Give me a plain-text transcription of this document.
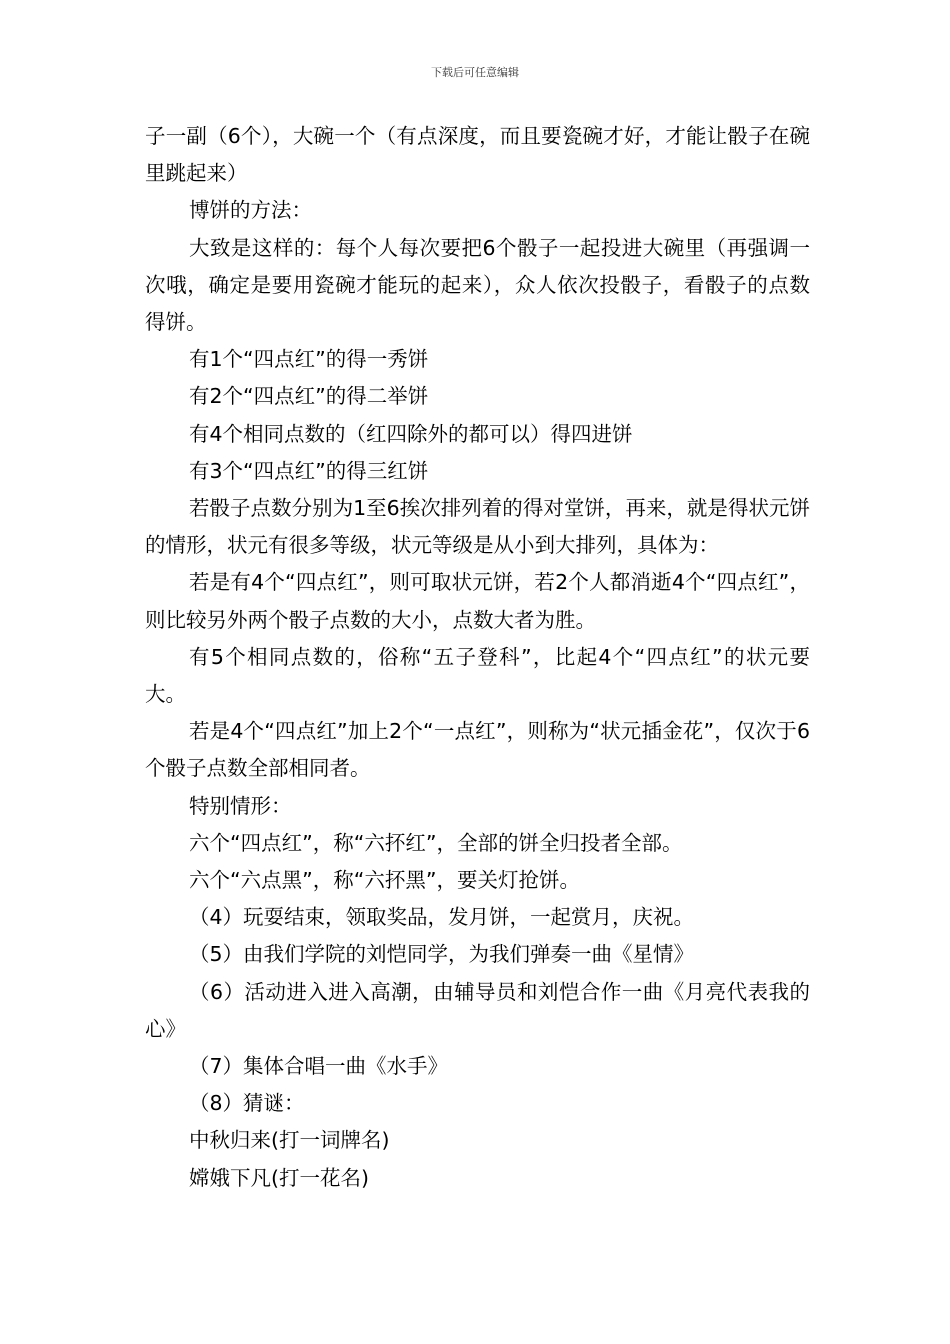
下载后可任意编辑

子一副（6个），大碗一个（有点深度，而且要瓷碗才好，才能让骰子在碗里跳起来）

博饼的方法：

大致是这样的：每个人每次要把6个骰子一起投进大碗里（再强调一次哦，确定是要用瓷碗才能玩的起来），众人依次投骰子，看骰子的点数得饼。

有1个“四点红”的得一秀饼

有2个“四点红”的得二举饼

有4个相同点数的（红四除外的都可以）得四进饼

有3个“四点红”的得三红饼

若骰子点数分别为1至6挨次排列着的得对堂饼，再来，就是得状元饼的情形，状元有很多等级，状元等级是从小到大排列，具体为：

若是有4个“四点红”，则可取状元饼，若2个人都消逝4个“四点红”，则比较另外两个骰子点数的大小，点数大者为胜。

有5个相同点数的，俗称“五子登科”，比起4个“四点红”的状元要大。

若是4个“四点红”加上2个“一点红”，则称为“状元插金花”，仅次于6个骰子点数全部相同者。

特别情形：

六个“四点红”，称“六抔红”，全部的饼全归投者全部。

六个“六点黑”，称“六抔黑”，要关灯抢饼。

（4）玩耍结束，领取奖品，发月饼，一起赏月，庆祝。

（5）由我们学院的刘恺同学，为我们弹奏一曲《星情》

（6）活动进入进入高潮，由辅导员和刘恺合作一曲《月亮代表我的心》

（7）集体合唱一曲《水手》

（8）猜谜：

中秋归来(打一词牌名)

嫦娥下凡(打一花名)
